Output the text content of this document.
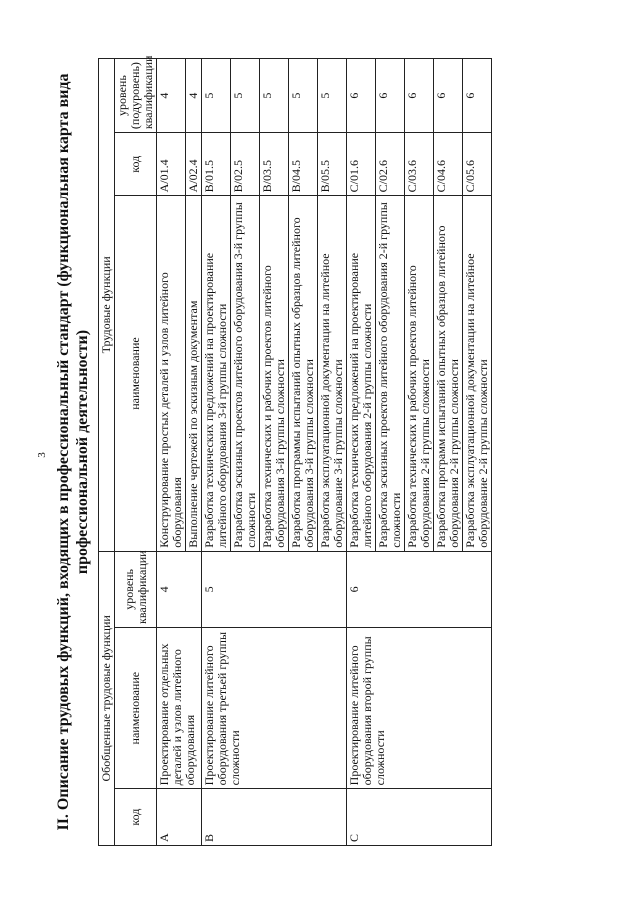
3 II. Описание трудовых функций, входящих в профессиональный стандарт (функциональная карта вида профессиональной деятельности)
Обобщенные трудовые функции			Трудовые функции		
код	наименование	уровень квалификации	наименование	код	уровень (подуровень) квалификации
A	Проектирование отдельных деталей и узлов литейного оборудования	4	Конструирование простых деталей и узлов литейного оборудования	A/01.4	4
			Выполнение чертежей по эскизным документам	A/02.4	4
B	Проектирование литейного оборудования третьей группы сложности	5	Разработка технических предложений на проектирование литейного оборудования 3-й группы сложности	B/01.5	5
			Разработка эскизных проектов литейного оборудования 3-й группы сложности	B/02.5	5
			Разработка технических и рабочих проектов литейного оборудования 3-й группы сложности	B/03.5	5
			Разработка программы испытаний опытных образцов литейного оборудования 3-й группы сложности	B/04.5	5
			Разработка эксплуатационной документации на литейное оборудование 3-й группы сложности	B/05.5	5
C	Проектирование литейного оборудования второй группы сложности	6	Разработка технических предложений на проектирование литейного оборудования 2-й группы сложности	C/01.6	6
			Разработка эскизных проектов литейного оборудования 2-й группы сложности	C/02.6	6
			Разработка технических и рабочих проектов литейного оборудования 2-й группы сложности	C/03.6	6
			Разработка программ испытаний опытных образцов литейного оборудования 2-й группы сложности	C/04.6	6
			Разработка эксплуатационной документации на литейное оборудование 2-й группы сложности	C/05.6	6
